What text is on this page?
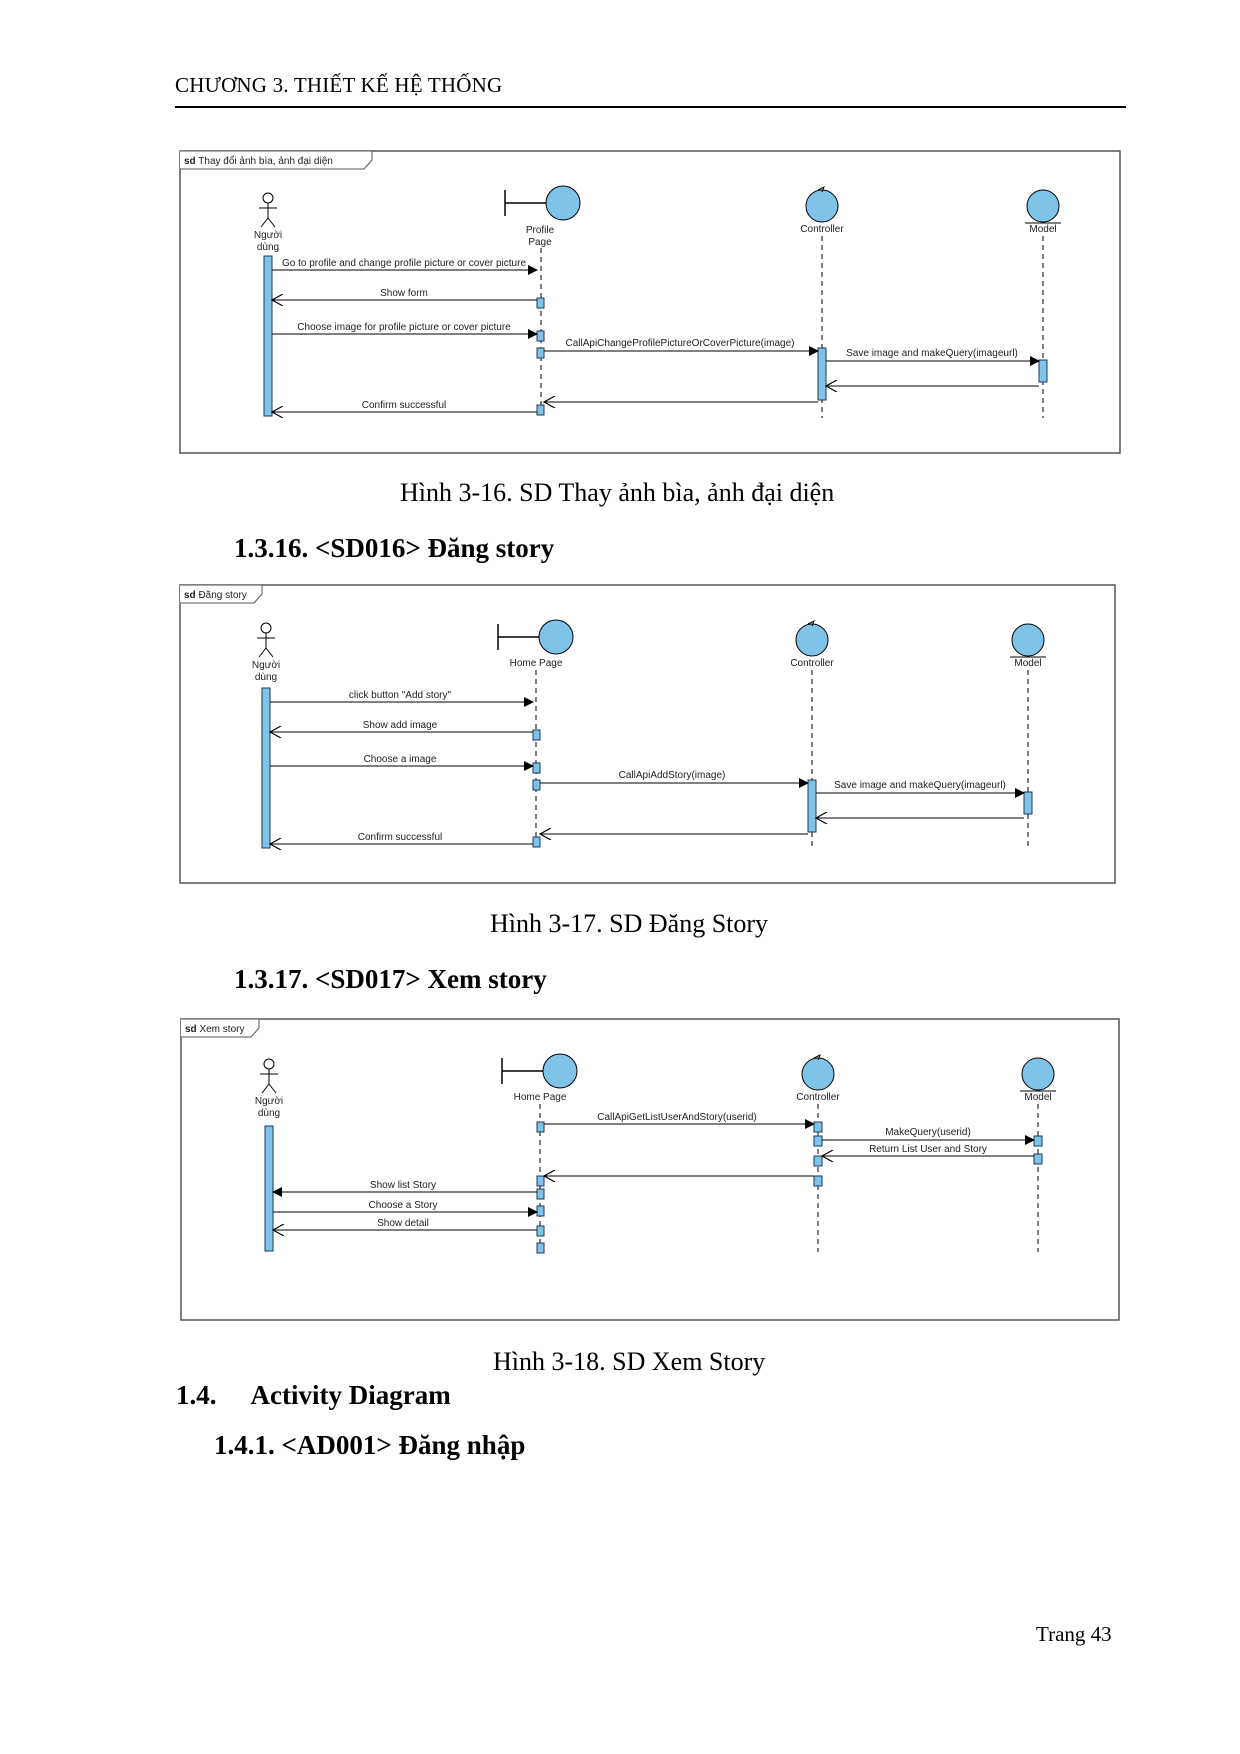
CHƯƠNG 3. THIẾT KẾ HỆ THỐNG
sd Thay đổi ảnh bìa, ảnh đại diện
Người
dùng
Profile
Page
Controller	Model
Go to profile and change profile picture or cover picture
Show form
Choose image for profile picture or cover picture
CallApiChangeProfilePictureOrCoverPicture(image)
Save image and makeQuery(imageurl)
Confirm successful
Hình 3-16. SD Thay ảnh bìa, ảnh đại diện
1.3.16. <SD016> Đăng story
sd Đăng story
Người
dùng
Home Page	Controller	Model
click button "Add story"
Show add image
Choose a image
CallApiAddStory(image)
Save image and makeQuery(imageurl)
Confirm successful
Hình 3-17. SD Đăng Story
1.3.17. <SD017> Xem story
sd Xem story
Người
dùng
Home Page	Controller	Model
CallApiGetListUserAndStory(userid)
MakeQuery(userid)
Return List User and Story
Show list Story
Choose a Story
Show detail
Hình 3-18. SD Xem Story
1.4. Activity Diagram
1.4.1. <AD001> Đăng nhập
Trang 43
